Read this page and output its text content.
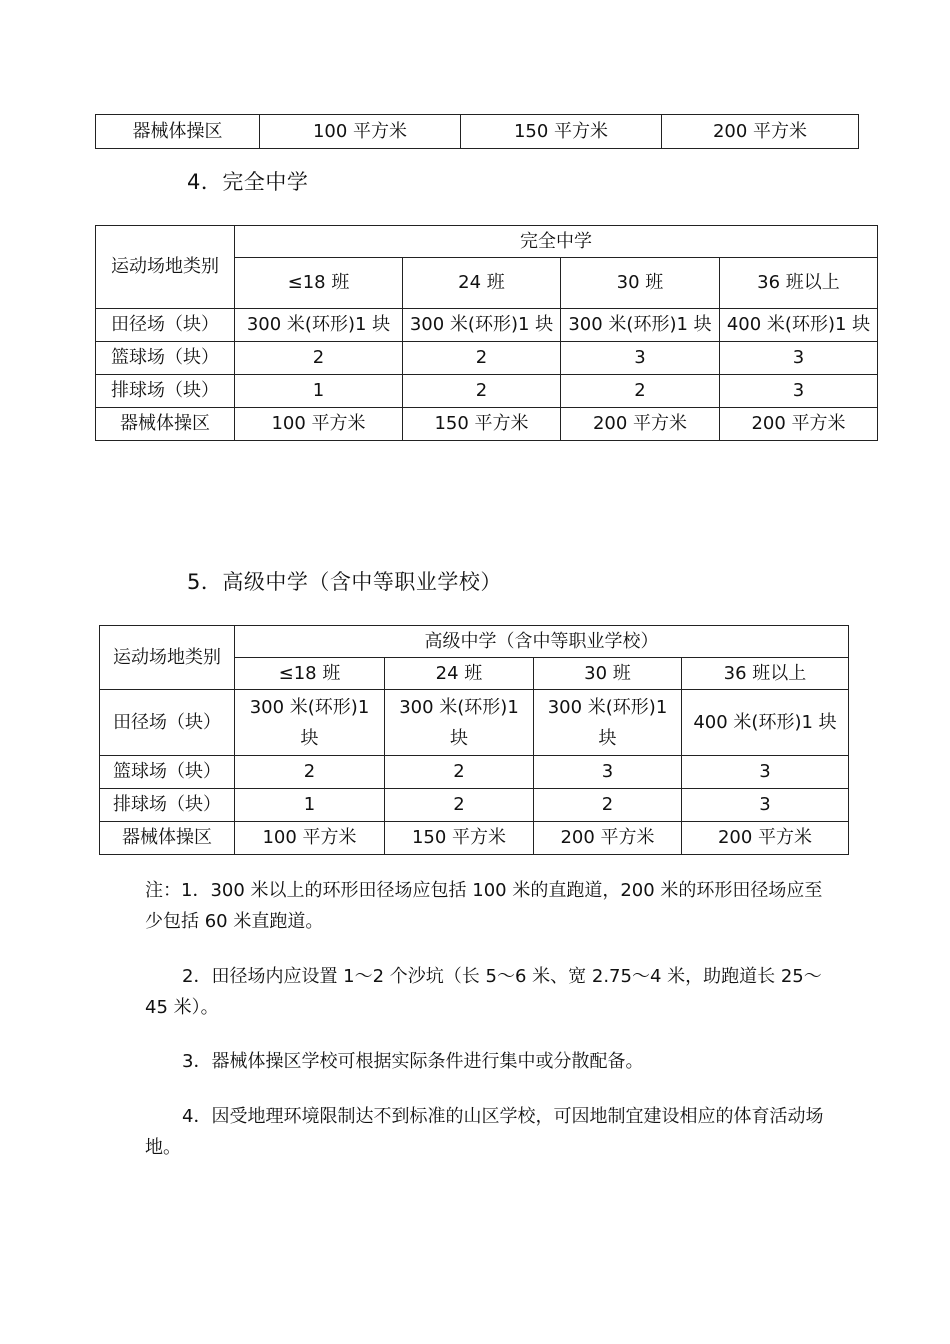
器械体操区	100 平方米	150 平方米	200 平方米
4．完全中学
运动场地类别	完全中学			
	≤18 班	24 班	30 班	36 班以上
田径场（块）	300 米(环形)1 块	300 米(环形)1 块	300 米(环形)1 块	400 米(环形)1 块
篮球场（块）	2	2	3	3
排球场（块）	1	2	2	3
器械体操区	100 平方米	150 平方米	200 平方米	200 平方米
5．高级中学（含中等职业学校）
运动场地类别	高级中学（含中等职业学校）			
	≤18 班	24 班	30 班	36 班以上
田径场（块）	300 米(环形)1 块	300 米(环形)1 块	300 米(环形)1 块	400 米(环形)1 块
篮球场（块）	2	2	3	3
排球场（块）	1	2	2	3
器械体操区	100 平方米	150 平方米	200 平方米	200 平方米
注：1．300 米以上的环形田径场应包括 100 米的直跑道，200 米的环形田径场应至少包括 60 米直跑道。
2．田径场内应设置 1～2 个沙坑（长 5～6 米、宽 2.75～4 米，助跑道长 25～45 米）。
3．器械体操区学校可根据实际条件进行集中或分散配备。
4．因受地理环境限制达不到标准的山区学校，可因地制宜建设相应的体育活动场地。
